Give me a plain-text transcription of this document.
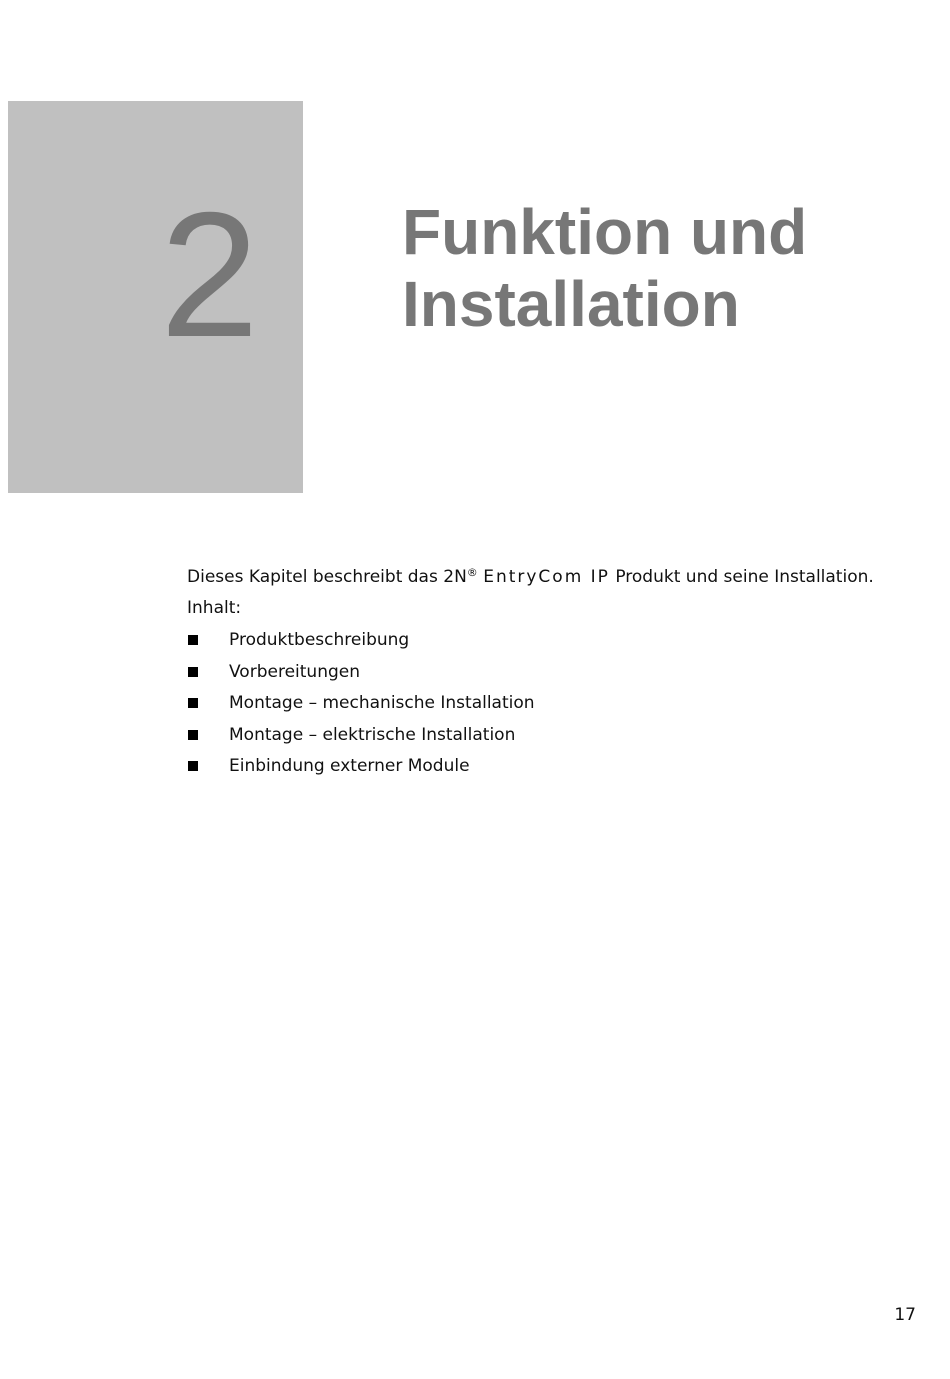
2 Funktion und
Installation

Dieses Kapitel beschreibt das 2N® EntryCom IP Produkt und seine Installation.

Inhalt:

Produktbeschreibung
Vorbereitungen
Montage – mechanische Installation
Montage – elektrische Installation
Einbindung externer Module
17
